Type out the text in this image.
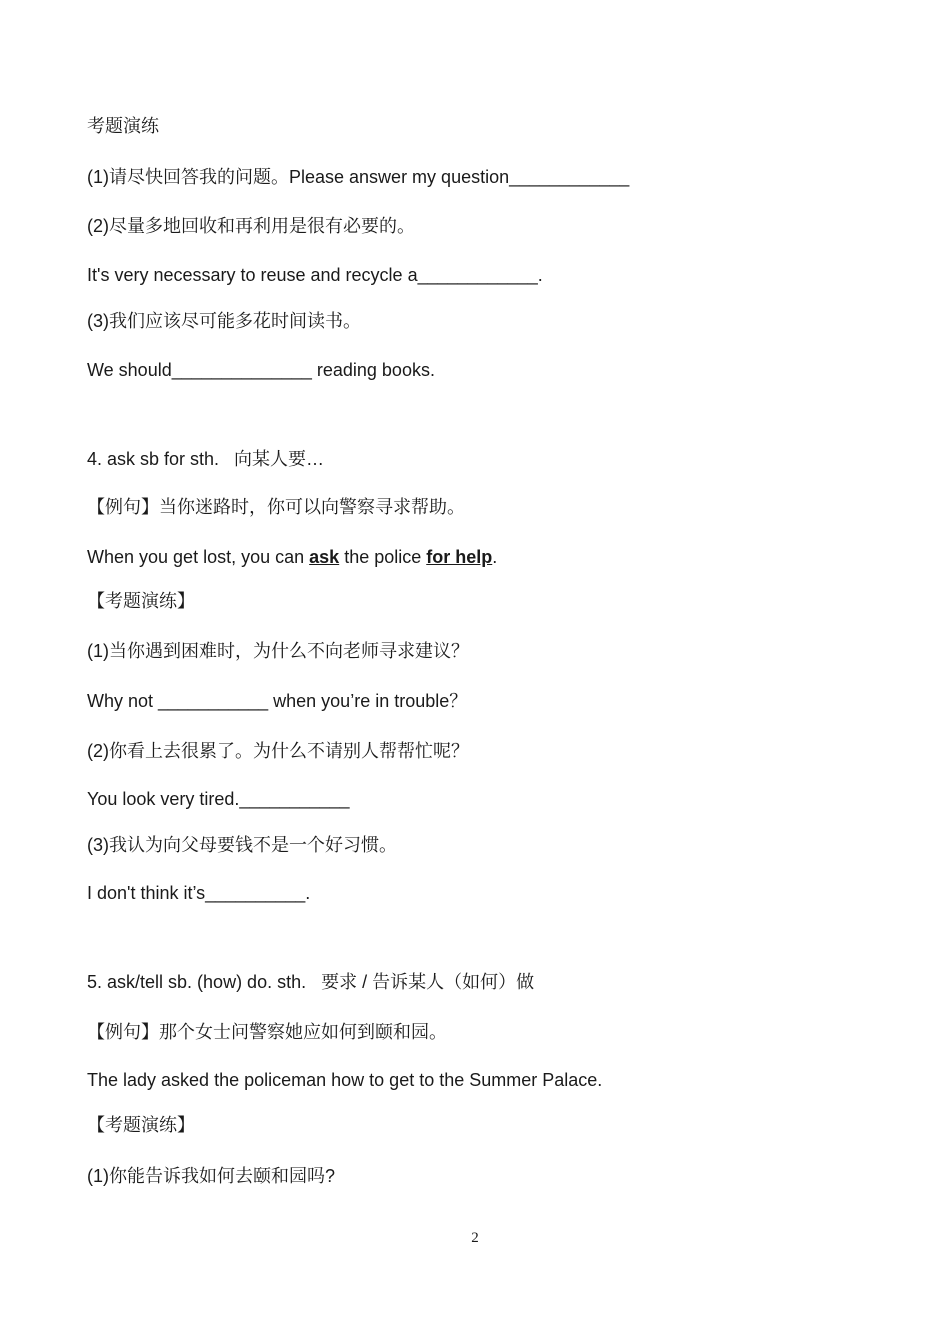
考题演练
(1)请尽快回答我的问题。Please answer my question____________
(2)尽量多地回收和再利用是很有必要的。
It's very necessary to reuse and recycle a____________.
(3)我们应该尽可能多花时间读书。
We should______________ reading books.
4. ask sb for sth.   向某人要…
【例句】当你迷路时，你可以向警察寻求帮助。
When you get lost, you can ask the police for help.
【考题演练】
(1)当你遇到困难时，为什么不向老师寻求建议？
Why not ___________ when you’re in trouble？
(2)你看上去很累了。为什么不请别人帮帮忙呢？
You look very tired.___________
(3)我认为向父母要钱不是一个好习惯。
I don't think it’s__________.
5. ask/tell sb. (how) do. sth.   要求 / 告诉某人（如何）做
【例句】那个女士问警察她应如何到颐和园。
The lady asked the policeman how to get to the Summer Palace.
【考题演练】
(1)你能告诉我如何去颐和园吗?
2
